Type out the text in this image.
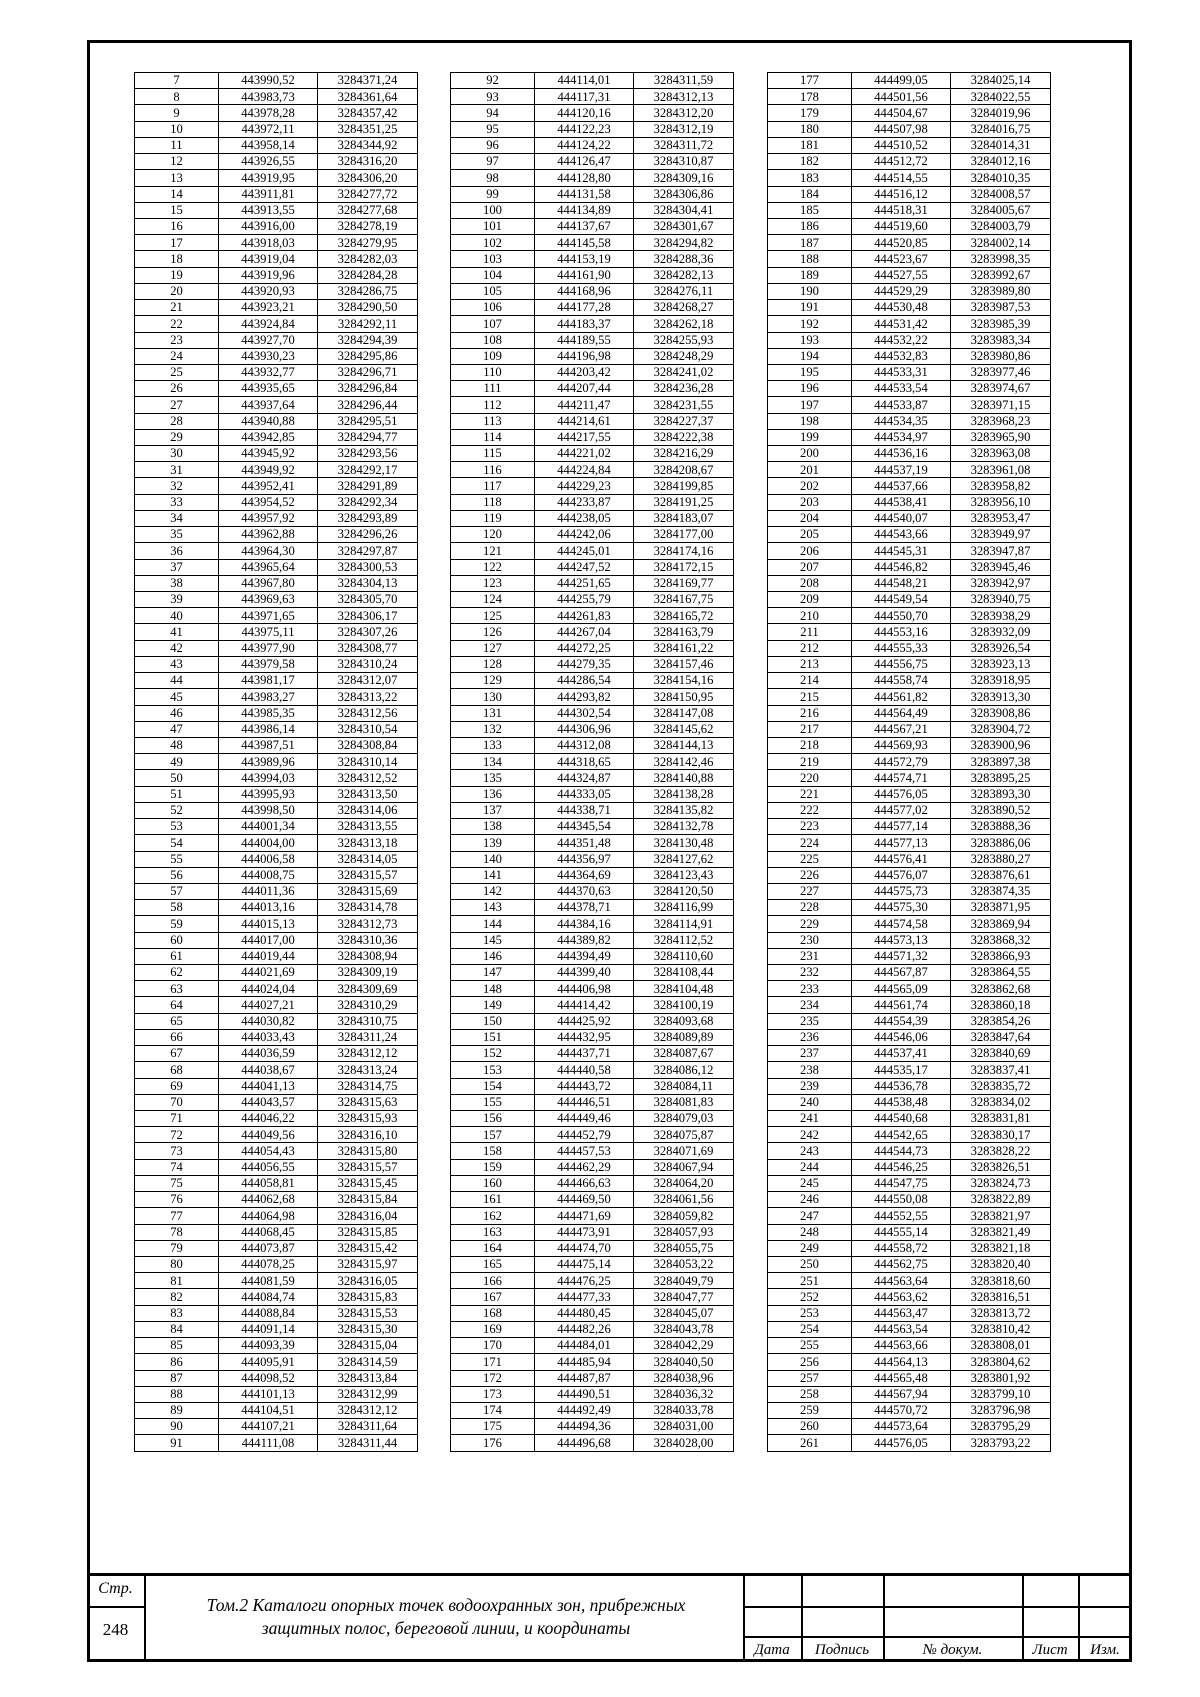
7	443990,52	3284371,24
8	443983,73	3284361,64
9	443978,28	3284357,42
10	443972,11	3284351,25
11	443958,14	3284344,92
12	443926,55	3284316,20
13	443919,95	3284306,20
14	443911,81	3284277,72
15	443913,55	3284277,68
16	443916,00	3284278,19
17	443918,03	3284279,95
18	443919,04	3284282,03
19	443919,96	3284284,28
20	443920,93	3284286,75
21	443923,21	3284290,50
22	443924,84	3284292,11
23	443927,70	3284294,39
24	443930,23	3284295,86
25	443932,77	3284296,71
26	443935,65	3284296,84
27	443937,64	3284296,44
28	443940,88	3284295,51
29	443942,85	3284294,77
30	443945,92	3284293,56
31	443949,92	3284292,17
32	443952,41	3284291,89
33	443954,52	3284292,34
34	443957,92	3284293,89
35	443962,88	3284296,26
36	443964,30	3284297,87
37	443965,64	3284300,53
38	443967,80	3284304,13
39	443969,63	3284305,70
40	443971,65	3284306,17
41	443975,11	3284307,26
42	443977,90	3284308,77
43	443979,58	3284310,24
44	443981,17	3284312,07
45	443983,27	3284313,22
46	443985,35	3284312,56
47	443986,14	3284310,54
48	443987,51	3284308,84
49	443989,96	3284310,14
50	443994,03	3284312,52
51	443995,93	3284313,50
52	443998,50	3284314,06
53	444001,34	3284313,55
54	444004,00	3284313,18
55	444006,58	3284314,05
56	444008,75	3284315,57
57	444011,36	3284315,69
58	444013,16	3284314,78
59	444015,13	3284312,73
60	444017,00	3284310,36
61	444019,44	3284308,94
62	444021,69	3284309,19
63	444024,04	3284309,69
64	444027,21	3284310,29
65	444030,82	3284310,75
66	444033,43	3284311,24
67	444036,59	3284312,12
68	444038,67	3284313,24
69	444041,13	3284314,75
70	444043,57	3284315,63
71	444046,22	3284315,93
72	444049,56	3284316,10
73	444054,43	3284315,80
74	444056,55	3284315,57
75	444058,81	3284315,45
76	444062,68	3284315,84
77	444064,98	3284316,04
78	444068,45	3284315,85
79	444073,87	3284315,42
80	444078,25	3284315,97
81	444081,59	3284316,05
82	444084,74	3284315,83
83	444088,84	3284315,53
84	444091,14	3284315,30
85	444093,39	3284315,04
86	444095,91	3284314,59
87	444098,52	3284313,84
88	444101,13	3284312,99
89	444104,51	3284312,12
90	444107,21	3284311,64
91	444111,08	3284311,44
92	444114,01	3284311,59
93	444117,31	3284312,13
94	444120,16	3284312,20
95	444122,23	3284312,19
96	444124,22	3284311,72
97	444126,47	3284310,87
98	444128,80	3284309,16
99	444131,58	3284306,86
100	444134,89	3284304,41
101	444137,67	3284301,67
102	444145,58	3284294,82
103	444153,19	3284288,36
104	444161,90	3284282,13
105	444168,96	3284276,11
106	444177,28	3284268,27
107	444183,37	3284262,18
108	444189,55	3284255,93
109	444196,98	3284248,29
110	444203,42	3284241,02
111	444207,44	3284236,28
112	444211,47	3284231,55
113	444214,61	3284227,37
114	444217,55	3284222,38
115	444221,02	3284216,29
116	444224,84	3284208,67
117	444229,23	3284199,85
118	444233,87	3284191,25
119	444238,05	3284183,07
120	444242,06	3284177,00
121	444245,01	3284174,16
122	444247,52	3284172,15
123	444251,65	3284169,77
124	444255,79	3284167,75
125	444261,83	3284165,72
126	444267,04	3284163,79
127	444272,25	3284161,22
128	444279,35	3284157,46
129	444286,54	3284154,16
130	444293,82	3284150,95
131	444302,54	3284147,08
132	444306,96	3284145,62
133	444312,08	3284144,13
134	444318,65	3284142,46
135	444324,87	3284140,88
136	444333,05	3284138,28
137	444338,71	3284135,82
138	444345,54	3284132,78
139	444351,48	3284130,48
140	444356,97	3284127,62
141	444364,69	3284123,43
142	444370,63	3284120,50
143	444378,71	3284116,99
144	444384,16	3284114,91
145	444389,82	3284112,52
146	444394,49	3284110,60
147	444399,40	3284108,44
148	444406,98	3284104,48
149	444414,42	3284100,19
150	444425,92	3284093,68
151	444432,95	3284089,89
152	444437,71	3284087,67
153	444440,58	3284086,12
154	444443,72	3284084,11
155	444446,51	3284081,83
156	444449,46	3284079,03
157	444452,79	3284075,87
158	444457,53	3284071,69
159	444462,29	3284067,94
160	444466,63	3284064,20
161	444469,50	3284061,56
162	444471,69	3284059,82
163	444473,91	3284057,93
164	444474,70	3284055,75
165	444475,14	3284053,22
166	444476,25	3284049,79
167	444477,33	3284047,77
168	444480,45	3284045,07
169	444482,26	3284043,78
170	444484,01	3284042,29
171	444485,94	3284040,50
172	444487,87	3284038,96
173	444490,51	3284036,32
174	444492,49	3284033,78
175	444494,36	3284031,00
176	444496,68	3284028,00
177	444499,05	3284025,14
178	444501,56	3284022,55
179	444504,67	3284019,96
180	444507,98	3284016,75
181	444510,52	3284014,31
182	444512,72	3284012,16
183	444514,55	3284010,35
184	444516,12	3284008,57
185	444518,31	3284005,67
186	444519,60	3284003,79
187	444520,85	3284002,14
188	444523,67	3283998,35
189	444527,55	3283992,67
190	444529,29	3283989,80
191	444530,48	3283987,53
192	444531,42	3283985,39
193	444532,22	3283983,34
194	444532,83	3283980,86
195	444533,31	3283977,46
196	444533,54	3283974,67
197	444533,87	3283971,15
198	444534,35	3283968,23
199	444534,97	3283965,90
200	444536,16	3283963,08
201	444537,19	3283961,08
202	444537,66	3283958,82
203	444538,41	3283956,10
204	444540,07	3283953,47
205	444543,66	3283949,97
206	444545,31	3283947,87
207	444546,82	3283945,46
208	444548,21	3283942,97
209	444549,54	3283940,75
210	444550,70	3283938,29
211	444553,16	3283932,09
212	444555,33	3283926,54
213	444556,75	3283923,13
214	444558,74	3283918,95
215	444561,82	3283913,30
216	444564,49	3283908,86
217	444567,21	3283904,72
218	444569,93	3283900,96
219	444572,79	3283897,38
220	444574,71	3283895,25
221	444576,05	3283893,30
222	444577,02	3283890,52
223	444577,14	3283888,36
224	444577,13	3283886,06
225	444576,41	3283880,27
226	444576,07	3283876,61
227	444575,73	3283874,35
228	444575,30	3283871,95
229	444574,58	3283869,94
230	444573,13	3283868,32
231	444571,32	3283866,93
232	444567,87	3283864,55
233	444565,09	3283862,68
234	444561,74	3283860,18
235	444554,39	3283854,26
236	444546,06	3283847,64
237	444537,41	3283840,69
238	444535,17	3283837,41
239	444536,78	3283835,72
240	444538,48	3283834,02
241	444540,68	3283831,81
242	444542,65	3283830,17
243	444544,73	3283828,22
244	444546,25	3283826,51
245	444547,75	3283824,73
246	444550,08	3283822,89
247	444552,55	3283821,97
248	444555,14	3283821,49
249	444558,72	3283821,18
250	444562,75	3283820,40
251	444563,64	3283818,60
252	444563,62	3283816,51
253	444563,47	3283813,72
254	444563,54	3283810,42
255	444563,66	3283808,01
256	444564,13	3283804,62
257	444565,48	3283801,92
258	444567,94	3283799,10
259	444570,72	3283796,98
260	444573,64	3283795,29
261	444576,05	3283793,22
Стр.
248
Том.2 Каталоги опорных точек водоохранных зон, прибрежных
защитных полос, береговой линии, и координаты
Дата	Подпись	№ докум.	Лист	Изм.
